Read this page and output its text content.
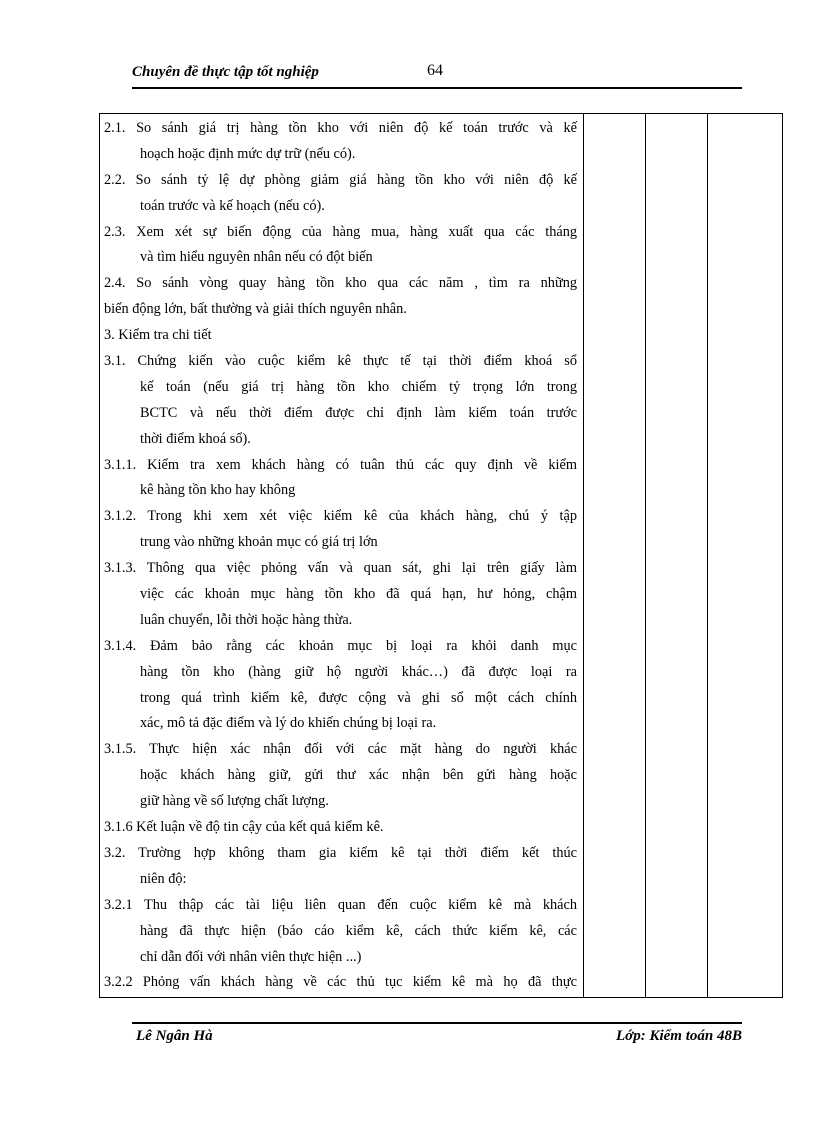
Chuyên đề thực tập tốt nghiệp	64
2.1. So sánh giá trị hàng tồn kho với niên độ kế toán trước và kế
hoạch hoặc định mức dự trữ (nếu có).
2.2. So sánh tỷ lệ dự phòng giảm giá hàng tồn kho với niên độ kế
toán trước và kế hoạch (nếu có).
2.3. Xem xét sự biến động của hàng mua, hàng xuất qua các tháng
và tìm hiểu nguyên nhân nếu có đột biến
2.4. So sánh vòng quay hàng tồn kho qua các năm , tìm ra những
biến động lớn, bất thường và giải thích nguyên nhân.
3. Kiểm tra chi tiết
3.1. Chứng kiến vào cuộc kiểm kê thực tế tại thời điểm khoá sổ
kế toán (nếu giá trị hàng tồn kho chiếm tỷ trọng lớn trong
BCTC và nếu thời điểm được chỉ định làm kiểm toán trước
thời điểm khoá sổ).
3.1.1. Kiểm tra xem khách hàng có tuân thủ các quy định về kiểm
kê hàng tồn kho hay không
3.1.2. Trong khi xem xét việc kiểm kê của khách hàng, chú ý tập
trung vào những khoản mục có giá trị lớn
3.1.3. Thông qua việc phỏng vấn và quan sát, ghi lại trên giấy làm
việc các khoản mục hàng tồn kho đã quá hạn, hư hỏng, chậm
luân chuyển, lỗi thời hoặc hàng thừa.
3.1.4. Đảm bảo rằng các khoản mục bị loại ra khỏi danh mục
hàng tồn kho (hàng giữ hộ người khác…) đã được loại ra
trong quá trình kiểm kê, được cộng và ghi sổ một cách chính
xác, mô tả đặc điểm và lý do khiến chúng bị loại ra.
3.1.5. Thực hiện xác nhận đối với các mặt hàng do người khác
hoặc khách hàng giữ, gửi thư xác nhận bên gửi hàng hoặc
giữ hàng về số lượng chất lượng.
3.1.6 Kết luận về độ tin cậy của kết quả kiểm kê.
3.2. Trường hợp không tham gia kiểm kê tại thời điểm kết thúc
niên độ:
3.2.1 Thu thập các tài liệu liên quan đến cuộc kiểm kê mà khách
hàng đã thực hiện (báo cáo kiểm kê, cách thức kiểm kê, các
chỉ dẫn đối với nhân viên thực hiện ...)
3.2.2 Phỏng vấn khách hàng về các thủ tục kiểm kê mà họ đã thực

Lê Ngân Hà	Lớp: Kiểm toán 48B
